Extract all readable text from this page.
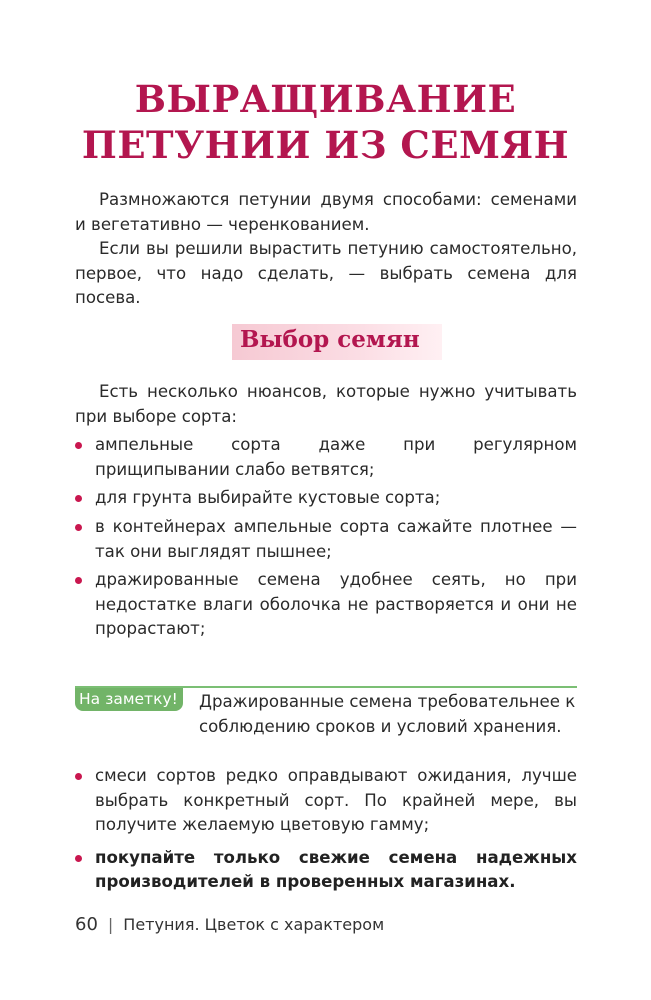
ВЫРАЩИВАНИЕ
ПЕТУНИИ ИЗ СЕМЯН

Размножаются петунии двумя способами: семенами и вегетативно — черенкованием.

Если вы решили вырастить петунию самостоятельно, первое, что надо сделать, — выбрать семена для посева.

Выбор семян

Есть несколько нюансов, которые нужно учитывать при выборе сорта:

ампельные сорта даже при регулярном прищипывании слабо ветвятся;
для грунта выбирайте кустовые сорта;
в контейнерах ампельные сорта сажайте плотнее — так они выглядят пышнее;
дражированные семена удобнее сеять, но при недостатке влаги оболочка не растворяется и они не прорастают;
На заметку!	Дражированные семена требовательнее к соблюдению сроков и условий хранения.
смеси сортов редко оправдывают ожидания, лучше выбрать конкретный сорт. По крайней мере, вы получите желаемую цветовую гамму;
покупайте только свежие семена надежных производителей в проверенных магазинах.
60 | Петуния. Цветок с характером
